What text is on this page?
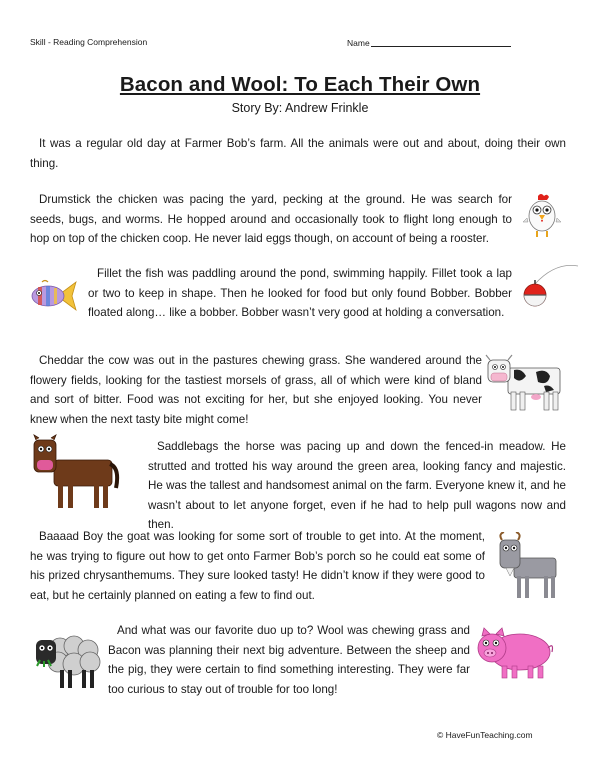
Skill - Reading Comprehension	Name
Bacon and Wool: To Each Their Own
Story By: Andrew Frinkle
It was a regular old day at Farmer Bob’s farm. All the animals were out and about, doing their own thing.
Drumstick the chicken was pacing the yard, pecking at the ground. He was search for seeds, bugs, and worms. He hopped around and occasionally took to flight long enough to hop on top of the chicken coop. He never laid eggs though, on account of being a rooster.
Fillet the fish was paddling around the pond, swimming happily. Fillet took a lap or two to keep in shape. Then he looked for food but only found Bobber. Bobber floated along… like a bobber. Bobber wasn’t very good at holding a conversation.
Cheddar the cow was out in the pastures chewing grass. She wandered around the flowery fields, looking for the tastiest morsels of grass, all of which were kind of bland and sort of bitter. Food was not exciting for her, but she enjoyed looking. You never knew when the next tasty bite might come!
Saddlebags the horse was pacing up and down the fenced-in meadow. He strutted and trotted his way around the green area, looking fancy and majestic. He was the tallest and handsomest animal on the farm. Everyone knew it, and he wasn’t about to let anyone forget, even if he had to help pull wagons now and then.
Baaaad Boy the goat was looking for some sort of trouble to get into. At the moment, he was trying to figure out how to get onto Farmer Bob’s porch so he could eat some of his prized chrysanthemums. They sure looked tasty! He didn’t know if they were good to eat, but he certainly planned on eating a few to find out.
And what was our favorite duo up to? Wool was chewing grass and Bacon was planning their next big adventure. Between the sheep and the pig, they were certain to find something interesting. They were far too curious to stay out of trouble for too long!
© HaveFunTeaching.com
